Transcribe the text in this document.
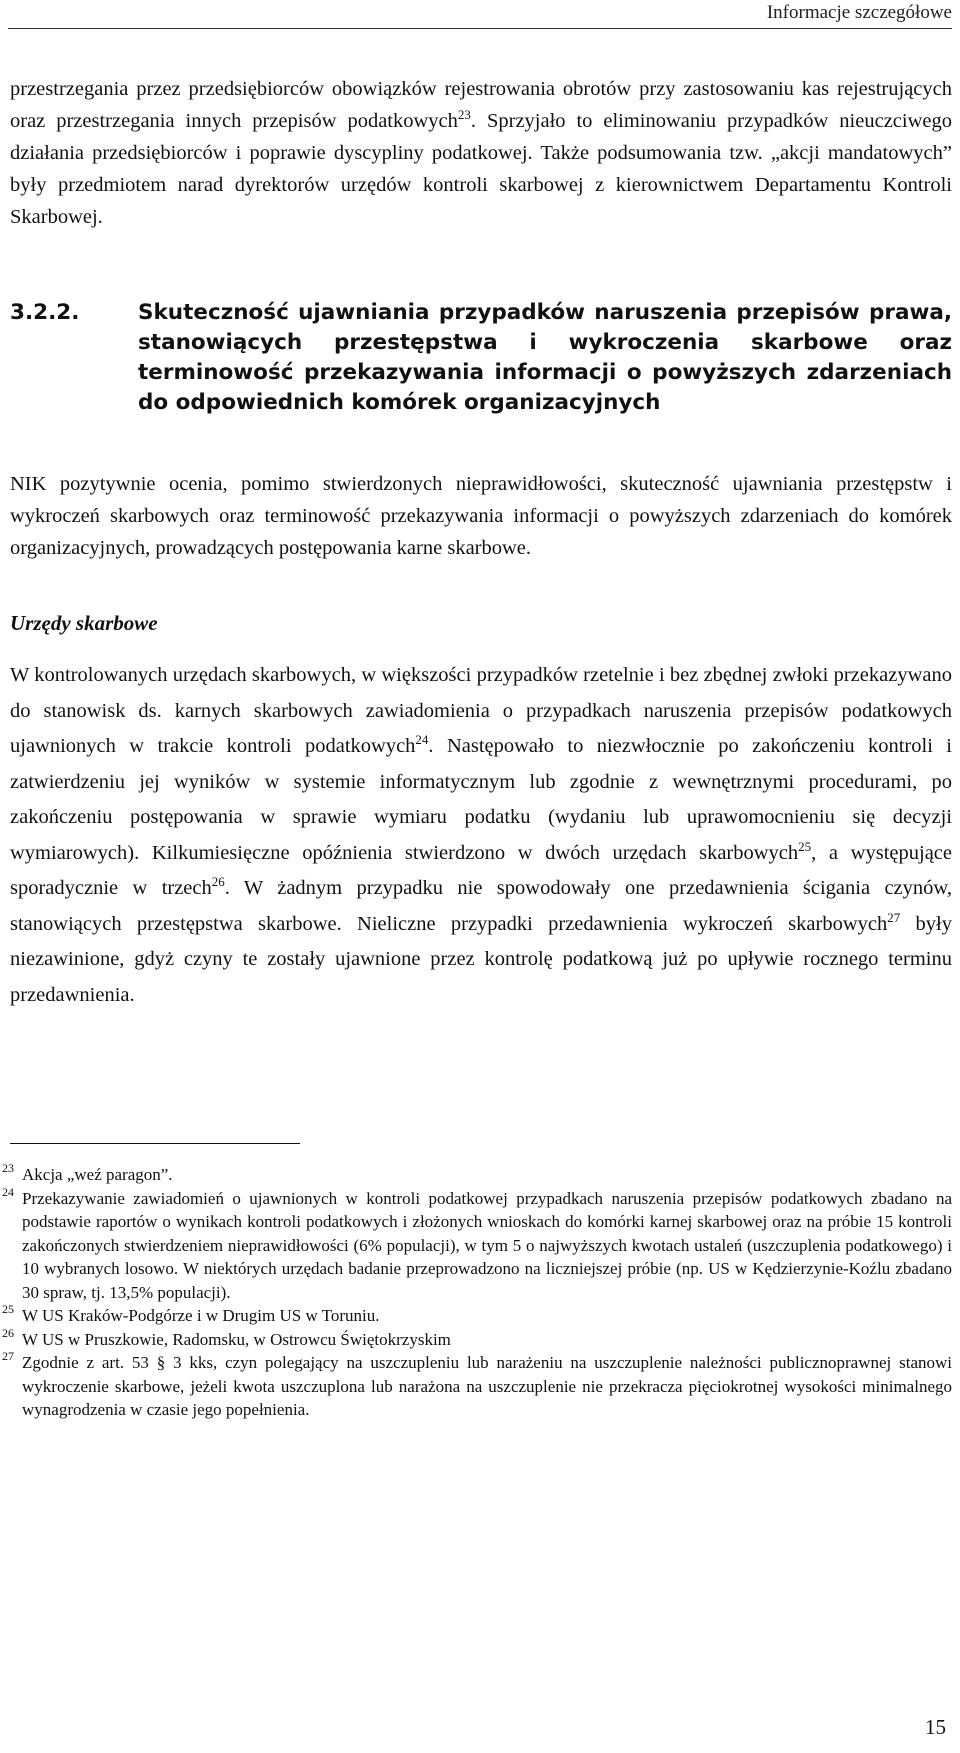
Informacje szczegółowe
przestrzegania przez przedsiębiorców obowiązków rejestrowania obrotów przy zastosowaniu kas rejestrujących oraz przestrzegania innych przepisów podatkowych$^{23}$. Sprzyjało to eliminowaniu przypadków nieuczciwego działania przedsiębiorców i poprawie dyscypliny podatkowej. Także podsumowania tzw. „akcji mandatowych” były przedmiotem narad dyrektorów urzędów kontroli skarbowej z kierownictwem Departamentu Kontroli Skarbowej.
3.2.2.	Skuteczność ujawniania przypadków naruszenia przepisów prawa, stanowiących przestępstwa i wykroczenia skarbowe oraz terminowość przekazywania informacji o powyższych zdarzeniach do odpowiednich komórek organizacyjnych
NIK pozytywnie ocenia, pomimo stwierdzonych nieprawidłowości, skuteczność ujawniania przestępstw i wykroczeń skarbowych oraz terminowość przekazywania informacji o powyższych zdarzeniach do komórek organizacyjnych, prowadzących postępowania karne skarbowe.
Urzędy skarbowe
W kontrolowanych urzędach skarbowych, w większości przypadków rzetelnie i bez zbędnej zwłoki przekazywano do stanowisk ds. karnych skarbowych zawiadomienia o przypadkach naruszenia przepisów podatkowych ujawnionych w trakcie kontroli podatkowych$^{24}$. Następowało to niezwłocznie po zakończeniu kontroli i zatwierdzeniu jej wyników w systemie informatycznym lub zgodnie z wewnętrznymi procedurami, po zakończeniu postępowania w sprawie wymiaru podatku (wydaniu lub uprawomocnieniu się decyzji wymiarowych). Kilkumiesięczne opóźnienia stwierdzono w dwóch urzędach skarbowych$^{25}$, a występujące sporadycznie w trzech$^{26}$. W żadnym przypadku nie spowodowały one przedawnienia ścigania czynów, stanowiących przestępstwa skarbowe. Nieliczne przypadki przedawnienia wykroczeń skarbowych$^{27}$ były niezawinione, gdyż czyny te zostały ujawnione przez kontrolę podatkową już po upływie rocznego terminu przedawnienia.
23 Akcja „weź paragon”.
24 Przekazywanie zawiadomień o ujawnionych w kontroli podatkowej przypadkach naruszenia przepisów podatkowych zbadano na podstawie raportów o wynikach kontroli podatkowych i złożonych wnioskach do komórki karnej skarbowej oraz na próbie 15 kontroli zakończonych stwierdzeniem nieprawidłowości (6% populacji), w tym 5 o najwyższych kwotach ustaleń (uszczuplenia podatkowego) i 10 wybranych losowo. W niektórych urzędach badanie przeprowadzono na liczniejszej próbie (np. US w Kędzierzynie-Koźlu zbadano 30 spraw, tj. 13,5% populacji).
25 W US Kraków-Podgórze i w Drugim US w Toruniu.
26 W US w Pruszkowie, Radomsku, w Ostrowcu Świętokrzyskim
27 Zgodnie z art. 53 § 3 kks, czyn polegający na uszczupleniu lub narażeniu na uszczuplenie należności publicznoprawnej stanowi wykroczenie skarbowe, jeżeli kwota uszczuplona lub narażona na uszczuplenie nie przekracza pięciokrotnej wysokości minimalnego wynagrodzenia w czasie jego popełnienia.
15
